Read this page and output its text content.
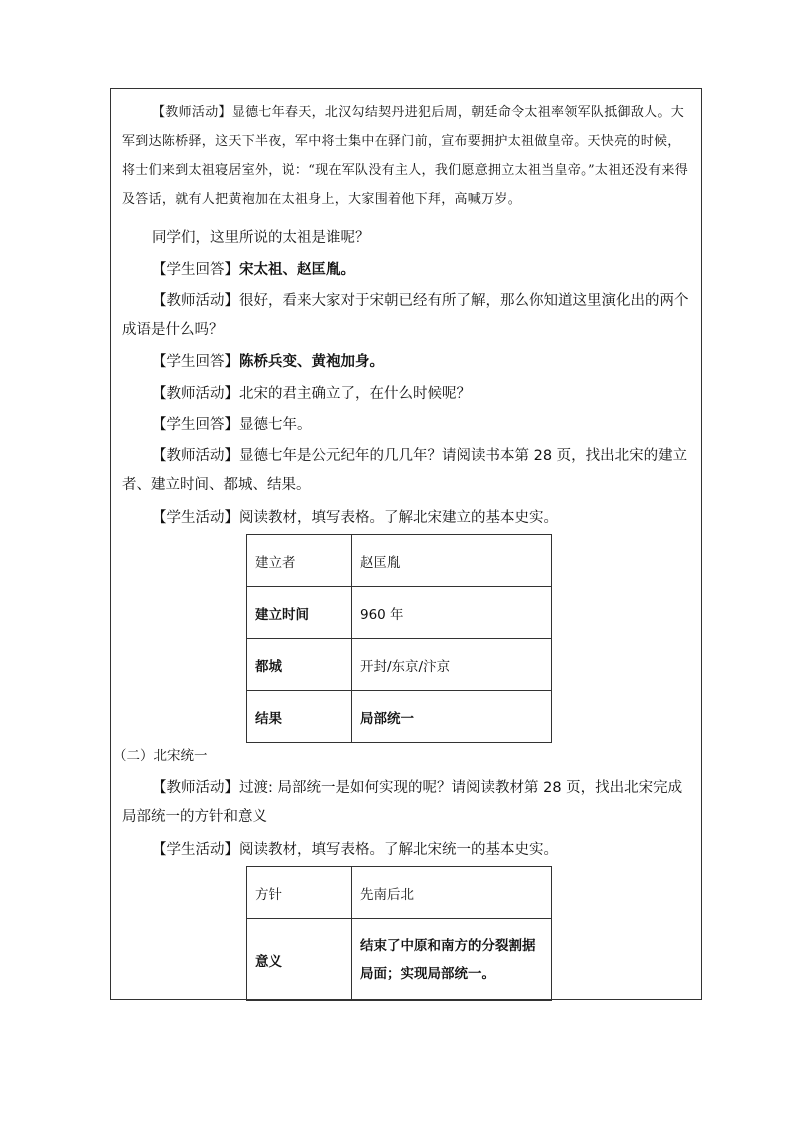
【教师活动】显德七年春天，北汉勾结契丹进犯后周，朝廷命令太祖率领军队抵御敌人。大军到达陈桥驿，这天下半夜，军中将士集中在驿门前，宣布要拥护太祖做皇帝。天快亮的时候，将士们来到太祖寝居室外，说：“现在军队没有主人，我们愿意拥立太祖当皇帝。”太祖还没有来得及答话，就有人把黄袍加在太祖身上，大家围着他下拜，高喊万岁。

同学们，这里所说的太祖是谁呢？

【学生回答】宋太祖、赵匡胤。

【教师活动】很好，看来大家对于宋朝已经有所了解，那么你知道这里演化出的两个成语是什么吗？

【学生回答】陈桥兵变、黄袍加身。

【教师活动】北宋的君主确立了，在什么时候呢？

【学生回答】显德七年。

【教师活动】显德七年是公元纪年的几几年？请阅读书本第 28 页，找出北宋的建立者、建立时间、都城、结果。

【学生活动】阅读教材，填写表格。了解北宋建立的基本史实。

建立者	赵匡胤
建立时间	960 年
都城	开封/东京/汴京
结果	局部统一

（二）北宋统一

【教师活动】过渡: 局部统一是如何实现的呢？请阅读教材第 28 页，找出北宋完成局部统一的方针和意义

【学生活动】阅读教材，填写表格。了解北宋统一的基本史实。

方针	先南后北
意义	结束了中原和南方的分裂割据局面；实现局部统一。
